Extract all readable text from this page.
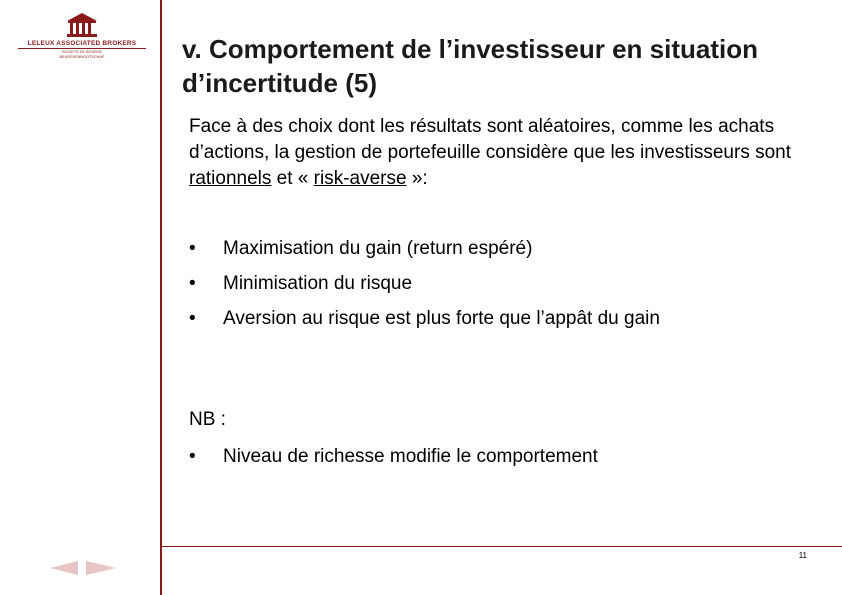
LELEUX ASSOCIATED BROKERS
SOCIETE DE BOURSE
BEURSVENNOOTSCHAP	v. Comportement de l’investisseur en situation d’incertitude (5)
Face à des choix dont les résultats sont aléatoires, comme les achats d’actions, la gestion de portefeuille considère que les investisseurs sont rationnels et « risk-averse »:
• Maximisation du gain (return espéré)
• Minimisation du risque
• Aversion au risque est plus forte que l’appât du gain
NB :
• Niveau de richesse modifie le comportement
11
